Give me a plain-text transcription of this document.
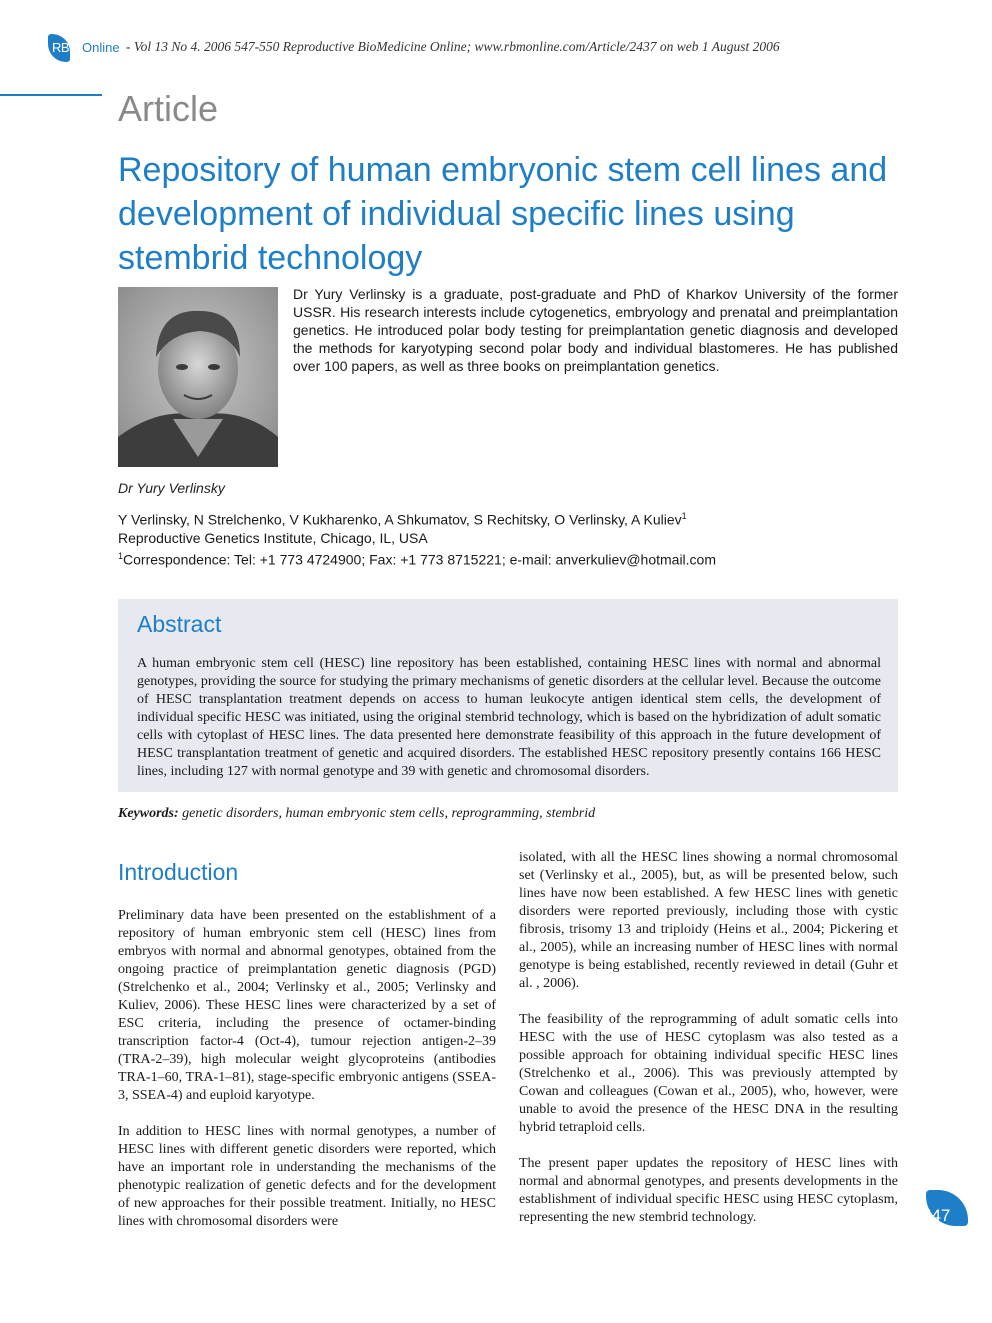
RBM Online - Vol 13 No 4. 2006 547-550 Reproductive BioMedicine Online; www.rbmonline.com/Article/2437 on web 1 August 2006
Article
Repository of human embryonic stem cell lines and development of individual specific lines using stembrid technology
Dr Yury Verlinsky
Dr Yury Verlinsky is a graduate, post-graduate and PhD of Kharkov University of the former USSR. His research interests include cytogenetics, embryology and prenatal and preimplantation genetics. He introduced polar body testing for preimplantation genetic diagnosis and developed the methods for karyotyping second polar body and individual blastomeres. He has published over 100 papers, as well as three books on preimplantation genetics.
Y Verlinsky, N Strelchenko, V Kukharenko, A Shkumatov, S Rechitsky, O Verlinsky, A Kuliev$^1$
Reproductive Genetics Institute, Chicago, IL, USA
$^1$Correspondence: Tel: +1 773 4724900; Fax: +1 773 8715221; e-mail: anverkuliev@hotmail.com
Abstract
A human embryonic stem cell (HESC) line repository has been established, containing HESC lines with normal and abnormal genotypes, providing the source for studying the primary mechanisms of genetic disorders at the cellular level. Because the outcome of HESC transplantation treatment depends on access to human leukocyte antigen identical stem cells, the development of individual specific HESC was initiated, using the original stembrid technology, which is based on the hybridization of adult somatic cells with cytoplast of HESC lines. The data presented here demonstrate feasibility of this approach in the future development of HESC transplantation treatment of genetic and acquired disorders. The established HESC repository presently contains 166 HESC lines, including 127 with normal genotype and 39 with genetic and chromosomal disorders.
Keywords: genetic disorders, human embryonic stem cells, reprogramming, stembrid
Introduction

Preliminary data have been presented on the establishment of a repository of human embryonic stem cell (HESC) lines from embryos with normal and abnormal genotypes, obtained from the ongoing practice of preimplantation genetic diagnosis (PGD) (Strelchenko et al., 2004; Verlinsky et al., 2005; Verlinsky and Kuliev, 2006). These HESC lines were characterized by a set of ESC criteria, including the presence of octamer-binding transcription factor-4 (Oct-4), tumour rejection antigen-2–39 (TRA-2–39), high molecular weight glycoproteins (antibodies TRA-1–60, TRA-1–81), stage-specific embryonic antigens (SSEA-3, SSEA-4) and euploid karyotype.

In addition to HESC lines with normal genotypes, a number of HESC lines with different genetic disorders were reported, which have an important role in understanding the mechanisms of the phenotypic realization of genetic defects and for the development of new approaches for their possible treatment. Initially, no HESC lines with chromosomal disorders were

isolated, with all the HESC lines showing a normal chromosomal set (Verlinsky et al., 2005), but, as will be presented below, such lines have now been established. A few HESC lines with genetic disorders were reported previously, including those with cystic fibrosis, trisomy 13 and triploidy (Heins et al., 2004; Pickering et al., 2005), while an increasing number of HESC lines with normal genotype is being established, recently reviewed in detail (Guhr et al. , 2006).

The feasibility of the reprogramming of adult somatic cells into HESC with the use of HESC cytoplasm was also tested as a possible approach for obtaining individual specific HESC lines (Strelchenko et al., 2006). This was previously attempted by Cowan and colleagues (Cowan et al., 2005), who, however, were unable to avoid the presence of the HESC DNA in the resulting hybrid tetraploid cells.

The present paper updates the repository of HESC lines with normal and abnormal genotypes, and presents developments in the establishment of individual specific HESC using HESC cytoplasm, representing the new stembrid technology.	547
